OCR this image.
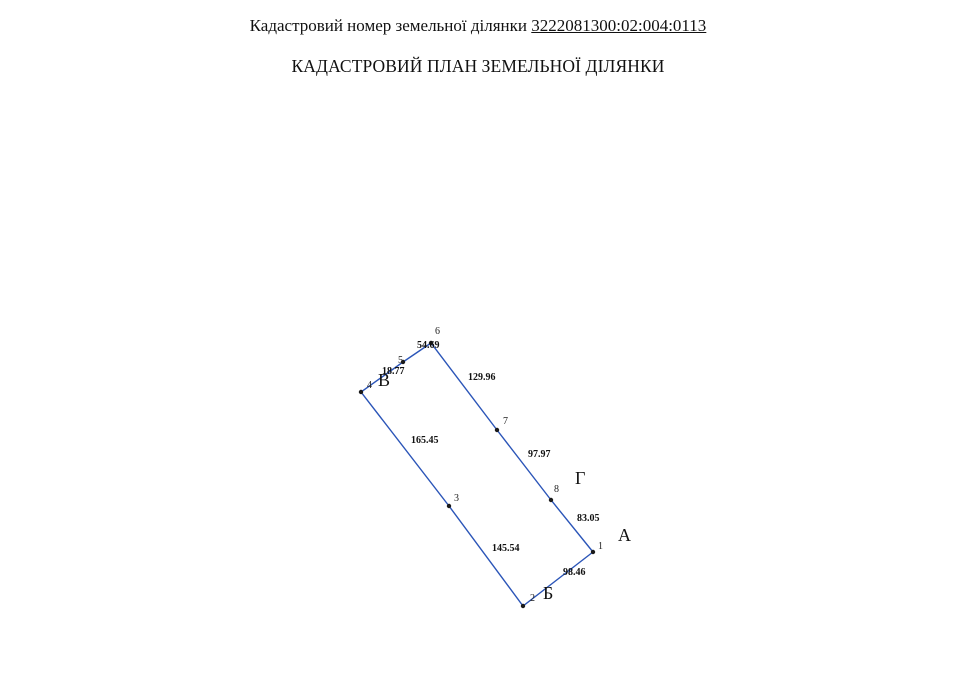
Кадастровий номер земельної ділянки 3222081300:02:004:0113
КАДАСТРОВИЙ ПЛАН ЗЕМЕЛЬНОЇ ДІЛЯНКИ
1
2
3
4
5
6
7
8
98.46
145.54
165.45
18.77
54.69
129.96
97.97
83.05
А
Б
В
Г
